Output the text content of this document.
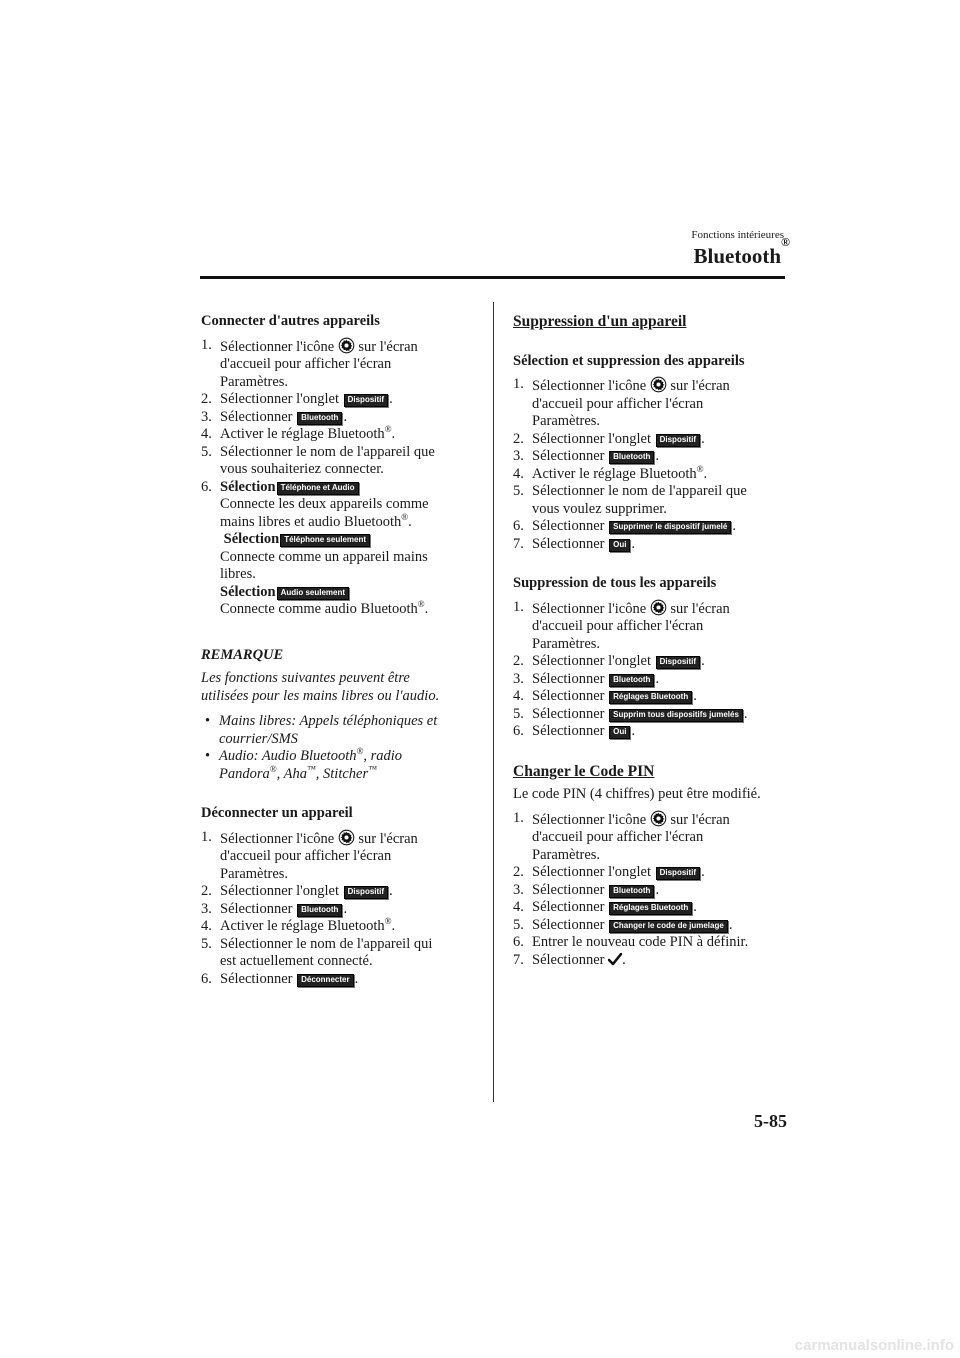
Fonctions intérieures
Bluetooth®
Connecter d'autres appareils
1. Sélectionner l'icône sur l'écran
d'accueil pour afficher l'écran
Paramètres.
2. Sélectionner l'onglet Dispositif .
3. Sélectionner Bluetooth .
4. Activer le réglage Bluetooth®.
5. Sélectionner le nom de l'appareil que
vous souhaiteriez connecter.
6. Sélection Téléphone et Audio
Connecte les deux appareils comme
mains libres et audio Bluetooth®.
Sélection Téléphone seulement
Connecte comme un appareil mains
libres.
Sélection Audio seulement
Connecte comme audio Bluetooth®.
REMARQUE
Les fonctions suivantes peuvent être
utilisées pour les mains libres ou l'audio.
• Mains libres: Appels téléphoniques et
courrier/SMS
• Audio: Audio Bluetooth®, radio
Pandora®, Aha™, Stitcher™
Déconnecter un appareil
1. Sélectionner l'icône sur l'écran
d'accueil pour afficher l'écran
Paramètres.
2. Sélectionner l'onglet Dispositif .
3. Sélectionner Bluetooth .
4. Activer le réglage Bluetooth®.
5. Sélectionner le nom de l'appareil qui
est actuellement connecté.
6. Sélectionner Déconnecter .
Suppression d'un appareil
Sélection et suppression des appareils
1. Sélectionner l'icône sur l'écran
d'accueil pour afficher l'écran
Paramètres.
2. Sélectionner l'onglet Dispositif .
3. Sélectionner Bluetooth .
4. Activer le réglage Bluetooth®.
5. Sélectionner le nom de l'appareil que
vous voulez supprimer.
6. Sélectionner Supprimer le dispositif jumelé .
7. Sélectionner Oui .
Suppression de tous les appareils
1. Sélectionner l'icône sur l'écran
d'accueil pour afficher l'écran
Paramètres.
2. Sélectionner l'onglet Dispositif .
3. Sélectionner Bluetooth .
4. Sélectionner Réglages Bluetooth .
5. Sélectionner Supprim tous dispositifs jumelés .
6. Sélectionner Oui .
Changer le Code PIN
Le code PIN (4 chiffres) peut être modifié.
1. Sélectionner l'icône sur l'écran
d'accueil pour afficher l'écran
Paramètres.
2. Sélectionner l'onglet Dispositif .
3. Sélectionner Bluetooth .
4. Sélectionner Réglages Bluetooth .
5. Sélectionner Changer le code de jumelage .
6. Entrer le nouveau code PIN à définir.
7. Sélectionner .
5-85
carmanualsonline.info
